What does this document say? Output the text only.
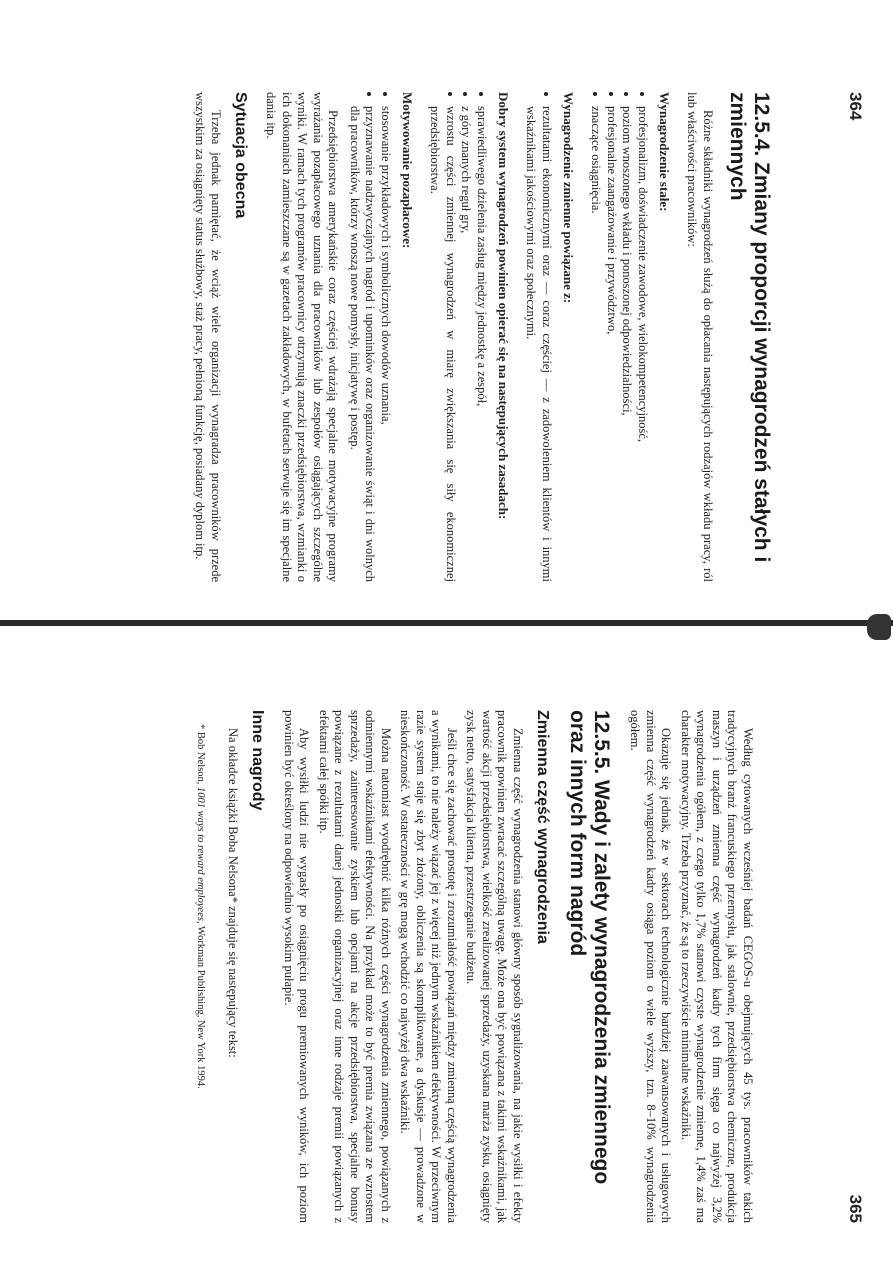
364
12.5.4. Zmiany proporcji wynagrodzeń stałych i zmiennych

Różne składniki wynagrodzeń służą do opłacania następujących rodzajów wkładu pracy, ról lub właściwości pracowników:

Wynagrodzenie stałe:
• profesjonalizm, doświadczenie zawodowe, wielokompetencyjność,
• poziom wnoszonego wkładu i ponoszonej odpowiedzialności,
• profesjonalne zaangażowanie i przywództwo,
• znaczące osiągnięcia.
Wynagrodzenie zmienne powiązane z:
• rezultatami ekonomicznymi oraz — coraz częściej — z zadowoleniem klientów i innymi wskaźnikami jakościowymi oraz społecznymi.
Dobry system wynagrodzeń powinien opierać się na następujących zasadach:
• sprawiedliwego dzielenia zasług między jednostkę a zespół,
• z góry znanych reguł gry,
• wzrostu części zmiennej wynagrodzeń w miarę zwiększania się siły ekonomicznej przedsiębiorstwa.
Motywowanie pozapłacowe:
• stosowanie przykładowych i symbolicznych dowodów uznania,
• przyznawanie nadzwyczajnych nagród i upominków oraz organizowanie świąt i dni wolnych dla pracowników, którzy wnoszą nowe pomysły, inicjatywę i postęp.

Przedsiębiorstwa amerykańskie coraz częściej wdrażają specjalne motywacyjne programy wyrażania pozapłacowego uznania dla pracowników lub zespołów osiągających szczególne wyniki. W ramach tych programów pracownicy otrzymują znaczki przedsiębiorstwa, wzmianki o ich dokonaniach zamieszczane są w gazetach zakładowych, w bufetach serwuje się im specjalne dania itp.

Sytuacja obecna

Trzeba jednak pamiętać, że wciąż wiele organizacji wynagradza pracowników przede wszystkim za osiągnięty status służbowy, staż pracy, pełnioną funkcję, posiadany dyplom itp.

365

Według cytowanych wcześniej badań CEGOS-u obejmujących 45 tys. pracowników takich tradycyjnych branż francuskiego przemysłu, jak stalownie, przedsiębiorstwa chemiczne, produkcja maszyn i urządzeń zmienna część wynagrodzeń kadry tych firm sięga co najwyżej 3,2% wynagrodzenia ogółem, z czego tylko 1,7% stanowi czyste wynagrodzenie zmienne, 1,4% zaś ma charakter motywacyjny. Trzeba przyznać, że są to rzeczywiście minimalne wskaźniki.

Okazuje się jednak, że w sektorach technologicznie bardziej zaawansowanych i usługowych zmienna część wynagrodzeń kadry osiąga poziom o wiele wyższy, tzn. 8–10% wynagrodzenia ogółem.

12.5.5. Wady i zalety wynagrodzenia zmiennego oraz innych form nagród
Zmienna część wynagrodzenia

Zmienna część wynagrodzenia stanowi główny sposób sygnalizowania, na jakie wysiłki i efekty pracownik powinien zwracać szczególną uwagę. Może ona być powiązana z takimi wskaźnikami, jak wartość akcji przedsiębiorstwa, wielkość zrealizowanej sprzedaży, uzyskana marża zysku, osiągnięty zysk netto, satysfakcja klienta, przestrzeganie budżetu.

Jeśli chce się zachować prostotę i zrozumiałość powiązań między zmienną częścią wynagrodzenia a wynikami, to nie należy wiązać jej z więcej niż jednym wskaźnikiem efektywności. W przeciwnym razie system staje się zbyt złożony, obliczenia są skomplikowane, a dyskusje — prowadzone w nieskończoność. W ostateczności w grę mogą wchodzić co najwyżej dwa wskaźniki.

Można natomiast wyodrębnić kilka różnych części wynagrodzenia zmiennego, powiązanych z odmiennymi wskaźnikami efektywności. Na przykład może to być premia związana ze wzrostem sprzedaży, zainteresowanie zyskiem lub opcjami na akcje przedsiębiorstwa, specjalne bonusy powiązane z rezultatami danej jednostki organizacyjnej oraz inne rodzaje premii powiązanych z efektami całej spółki itp.

Aby wysiłki ludzi nie wygasły po osiągnięciu progu premiowanych wyników, ich poziom powinien być określony na odpowiednio wysokim pułapie.

Inne nagrody

Na okładce książki Boba Nelsona* znajduje się następujący tekst:

* Bob Nelson, 1001 ways to reward employees, Workman Publishing, New York 1994.
